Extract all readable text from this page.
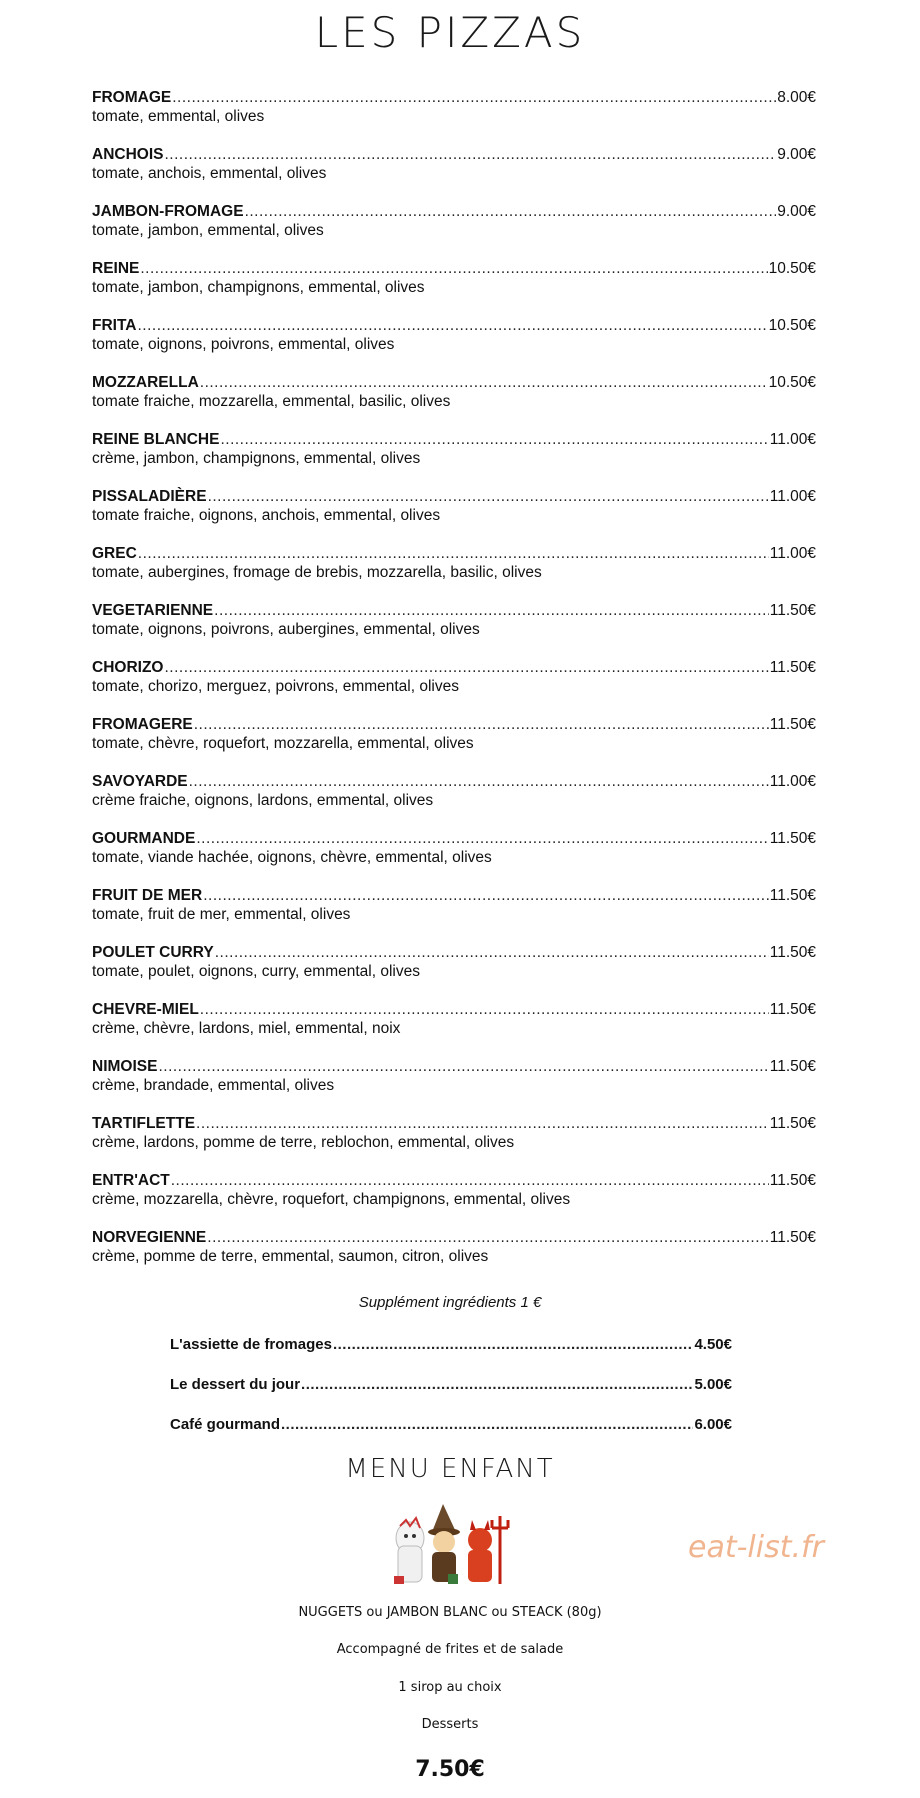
LES PIZZAS
FROMAGE .....	8.00€
tomate, emmental, olives
ANCHOIS .....	9.00€
tomate, anchois, emmental, olives
JAMBON-FROMAGE .....	9.00€
tomate, jambon, emmental, olives
REINE .....	10.50€
tomate, jambon, champignons, emmental, olives
FRITA .....	10.50€
tomate, oignons, poivrons, emmental, olives
MOZZARELLA .....	10.50€
tomate fraiche, mozzarella, emmental, basilic, olives
REINE BLANCHE .....	11.00€
crème, jambon, champignons, emmental, olives
PISSALADIÈRE .....	11.00€
tomate fraiche, oignons, anchois, emmental, olives
GREC .....	11.00€
tomate, aubergines, fromage de brebis, mozzarella, basilic, olives
VEGETARIENNE .....	11.50€
tomate, oignons, poivrons, aubergines, emmental, olives
CHORIZO .....	11.50€
tomate, chorizo, merguez, poivrons, emmental, olives
FROMAGERE .....	11.50€
tomate, chèvre, roquefort, mozzarella, emmental, olives
SAVOYARDE .....	11.00€
crème fraiche, oignons, lardons, emmental, olives
GOURMANDE .....	11.50€
tomate, viande hachée, oignons, chèvre, emmental, olives
FRUIT DE MER .....	11.50€
tomate, fruit de mer, emmental, olives
POULET CURRY .....	11.50€
tomate, poulet, oignons, curry, emmental, olives
CHEVRE-MIEL .....	11.50€
crème, chèvre, lardons, miel, emmental, noix
NIMOISE .....	11.50€
crème, brandade, emmental, olives
TARTIFLETTE .....	11.50€
crème, lardons, pomme de terre, reblochon, emmental, olives
ENTR'ACT .....	11.50€
crème, mozzarella, chèvre, roquefort, champignons, emmental, olives
NORVEGIENNE .....	11.50€
crème, pomme de terre, emmental, saumon, citron, olives
Supplément ingrédients 1 €
L'assiette de fromages .....	4.50€
Le dessert du jour .....	5.00€
Café gourmand .....	6.00€
MENU ENFANT
eat-list.fr
NUGGETS ou JAMBON BLANC ou STEACK (80g)
Accompagné de frites et de salade
1 sirop au choix
Desserts
7.50€
